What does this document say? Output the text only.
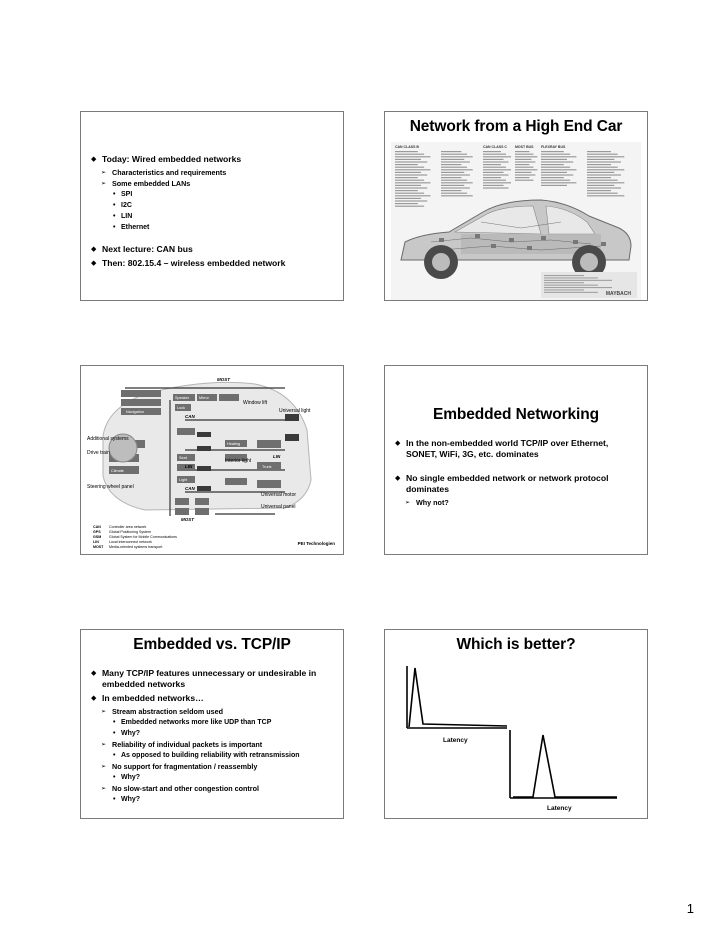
◆ Today: Wired embedded networks
➢ Characteristics and requirements
➢ Some embedded LANs
• SPI
• I2C
• LIN
• Ethernet
◆ Next lecture: CAN bus
◆ Then: 802.15.4 – wireless embedded network
Network from a High End Car
CAN CLASS B	CAN CLASS C MOST BUS FLEXRAY BUS
MAYBACH
MOST
Navigation
Speaker	Mirror
Lock
Window lift
Universal light
CAN
Additional systems
Drive train
Heating
Interior light
Trunk
LIN
Seat
Climate
LIN
Light
CAN
Steering wheel panel
Universal motor
Universal panel
MOST
CAN Controller area network
GPS Global Positioning System
GSM Global System for Mobile Communications
LIN	Local interconnect network
MOST Media-oriented systems transport
PEI Technologien
Embedded Networking
◆ In the non-embedded world TCP/IP over Ethernet, SONET, WiFi, 3G, etc. dominates
◆ No single embedded network or network protocol dominates
➢ Why not?
Embedded vs. TCP/IP
◆ Many TCP/IP features unnecessary or undesirable in embedded networks
◆ In embedded networks…
➢ Stream abstraction seldom used
• Embedded networks more like UDP than TCP
• Why?
➢ Reliability of individual packets is important
• As opposed to building reliability with retransmission
➢ No support for fragmentation / reassembly
• Why?
➢ No slow-start and other congestion control
• Why?
Which is better?
Latency
Latency
1
